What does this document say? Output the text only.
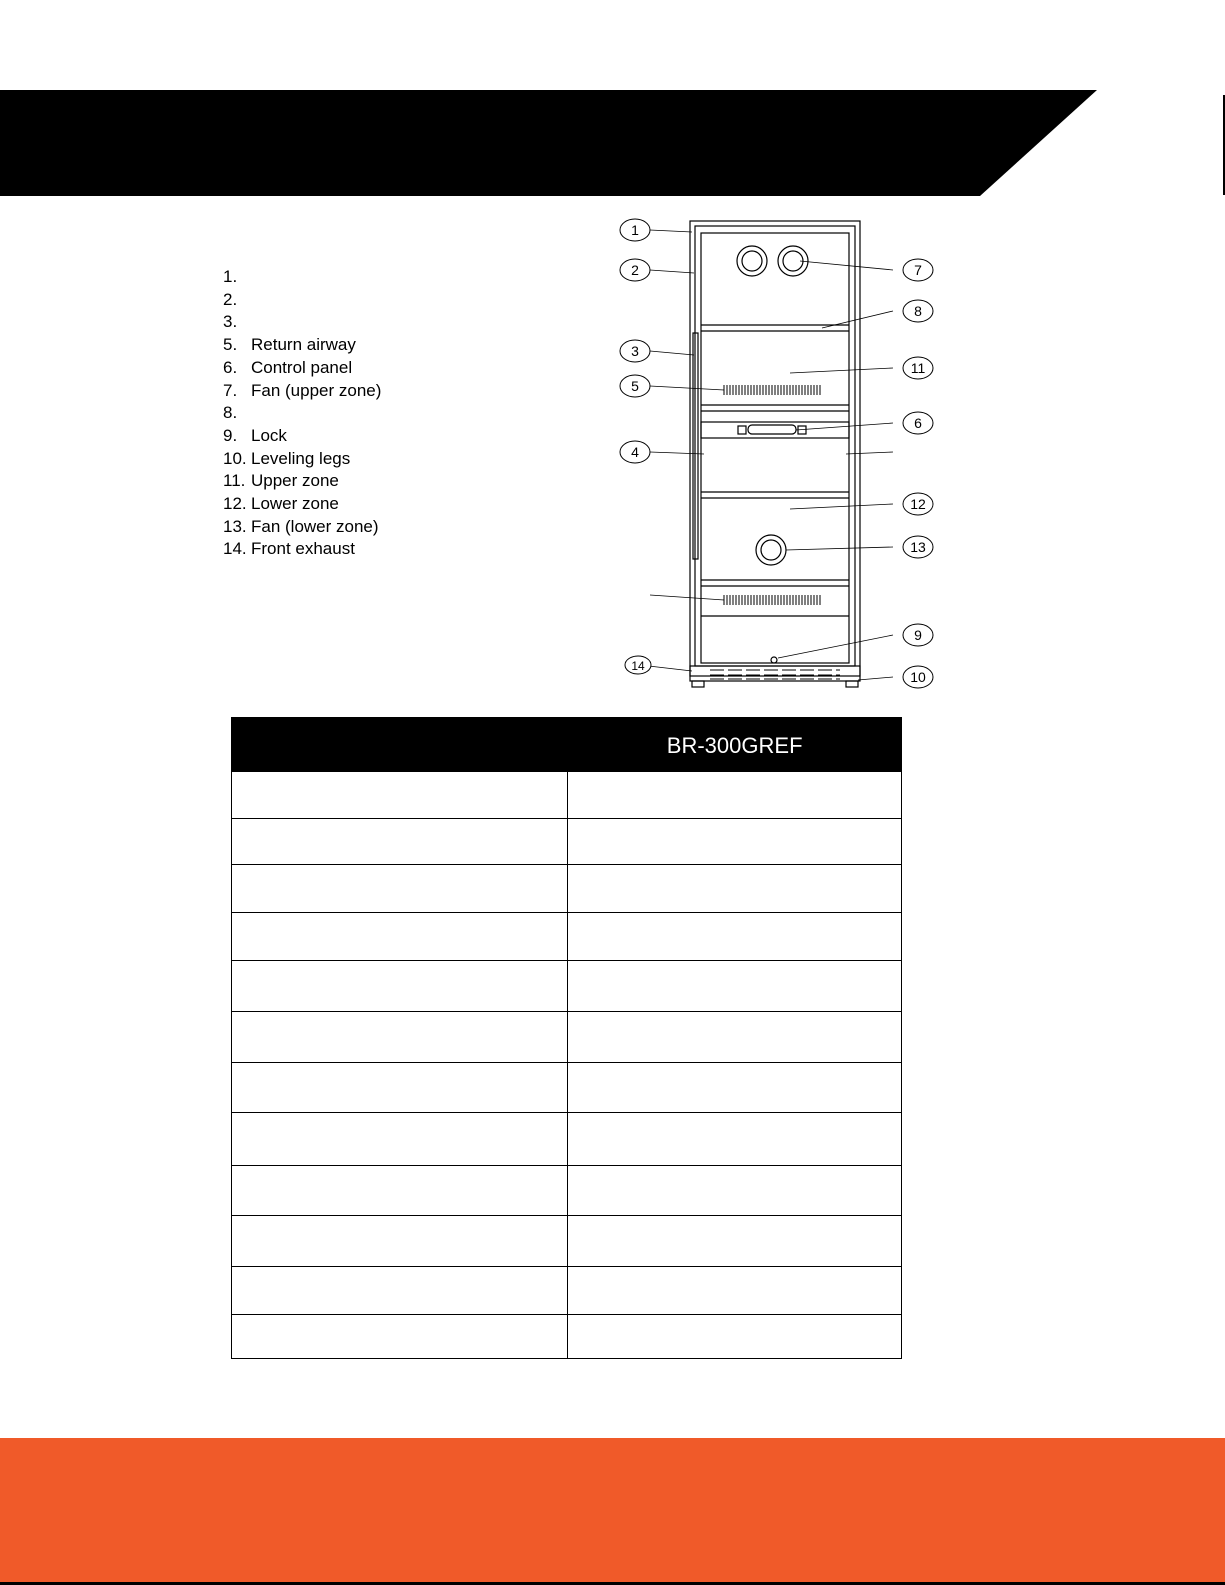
1.
2.
3.
5. Return airway
6. Control panel
7. Fan (upper zone)
8.
9. Lock
10. Leveling legs
11. Upper zone
12. Lower zone
13. Fan (lower zone)
14. Front exhaust
1
2
3
4
5
6
7
8
9
10
11
12
13
14
	BR-300GREF
